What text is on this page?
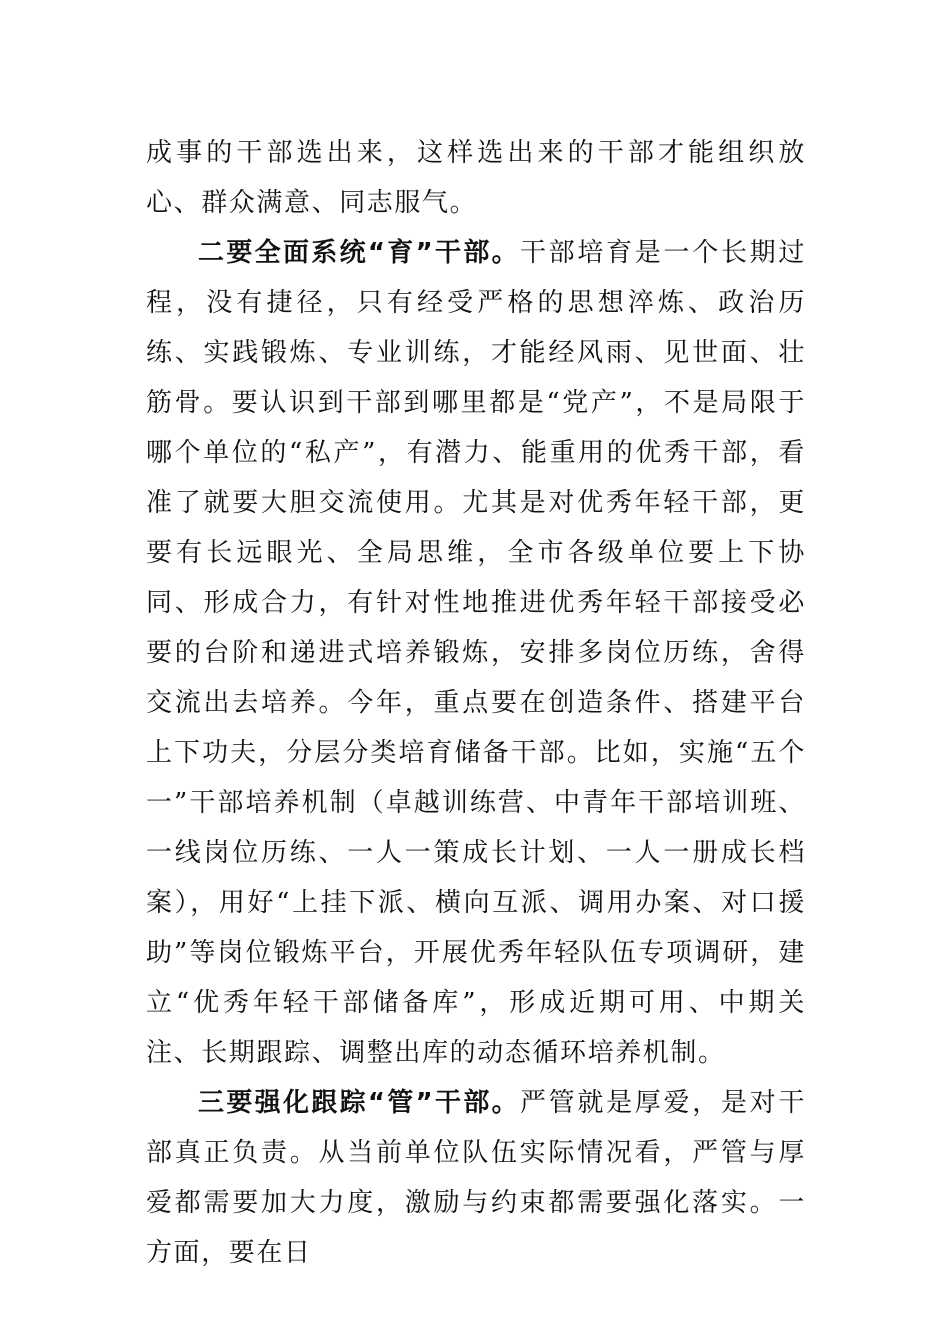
成事的干部选出来，这样选出来的干部才能组织放心、群众满意、同志服气。

二要全面系统“育”干部。干部培育是一个长期过程，没有捷径，只有经受严格的思想淬炼、政治历练、实践锻炼、专业训练，才能经风雨、见世面、壮筋骨。要认识到干部到哪里都是“党产”，不是局限于哪个单位的“私产”，有潜力、能重用的优秀干部，看准了就要大胆交流使用。尤其是对优秀年轻干部，更要有长远眼光、全局思维，全市各级单位要上下协同、形成合力，有针对性地推进优秀年轻干部接受必要的台阶和递进式培养锻炼，安排多岗位历练，舍得交流出去培养。今年，重点要在创造条件、搭建平台上下功夫，分层分类培育储备干部。比如，实施“五个一”干部培养机制（卓越训练营、中青年干部培训班、一线岗位历练、一人一策成长计划、一人一册成长档案），用好“上挂下派、横向互派、调用办案、对口援助”等岗位锻炼平台，开展优秀年轻队伍专项调研，建立“优秀年轻干部储备库”，形成近期可用、中期关注、长期跟踪、调整出库的动态循环培养机制。

三要强化跟踪“管”干部。严管就是厚爱，是对干部真正负责。从当前单位队伍实际情况看，严管与厚爱都需要加大力度，激励与约束都需要强化落实。一方面，要在日
